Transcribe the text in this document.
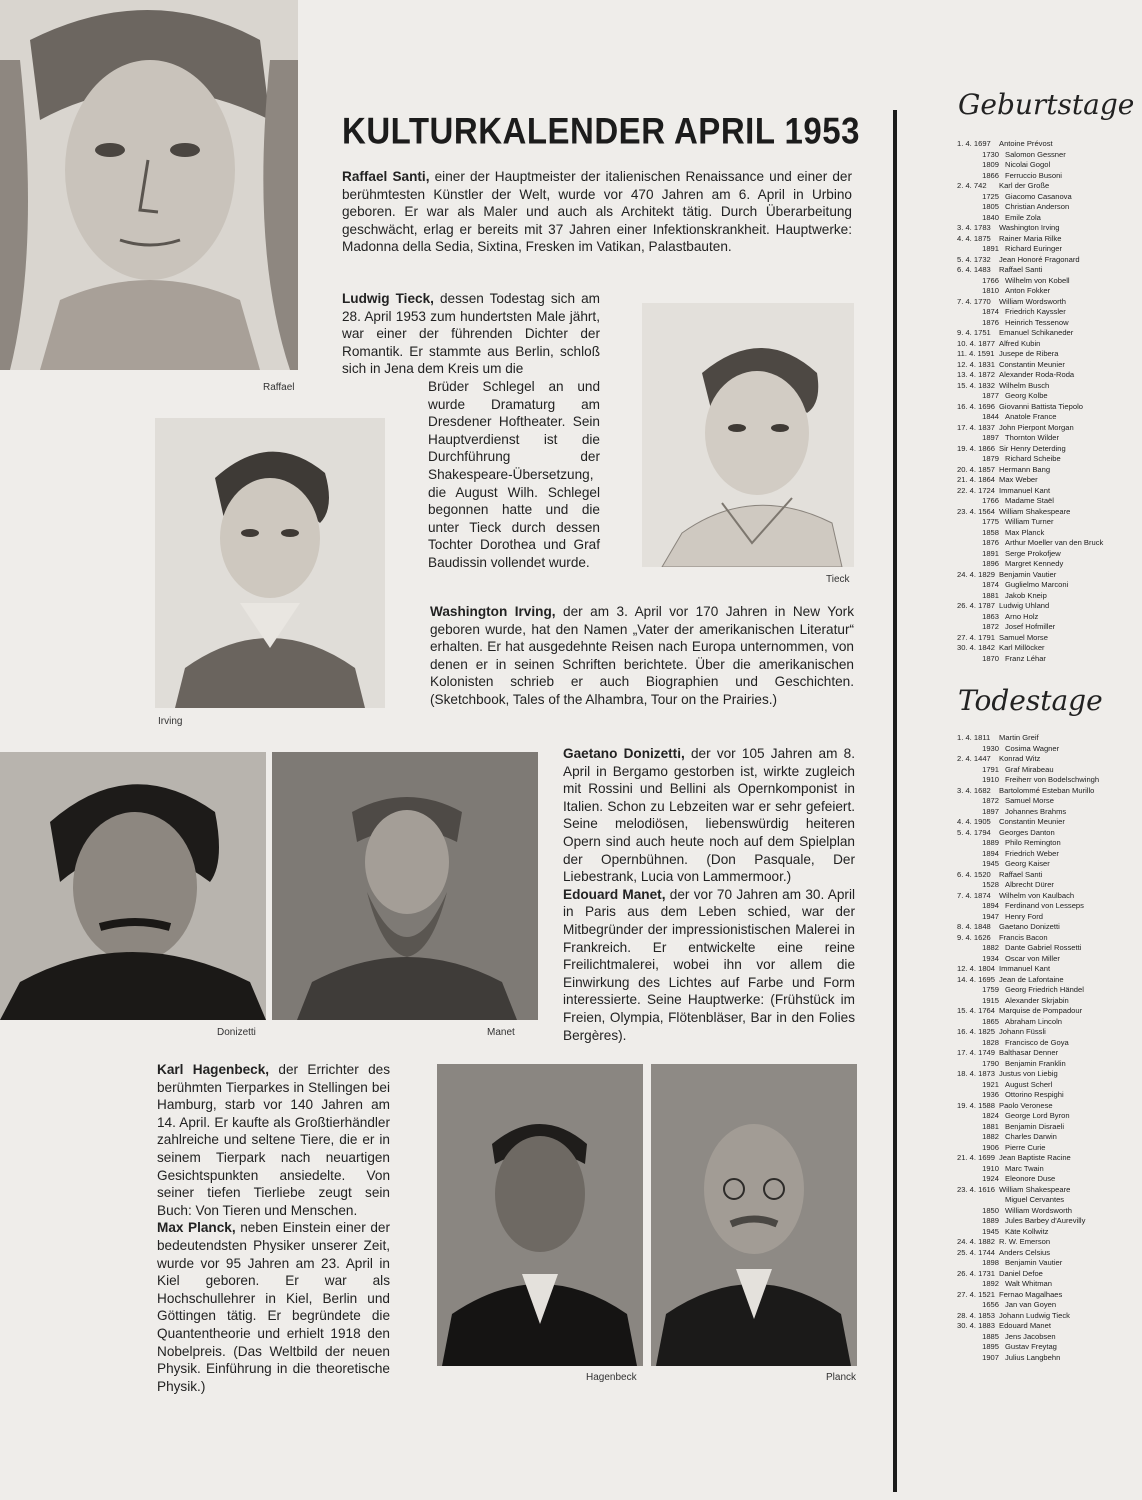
Raffael
KULTURKALENDER APRIL 1953
Raffael Santi, einer der Hauptmeister der italienischen Renaissance und einer der berühmtesten Künstler der Welt, wurde vor 470 Jahren am 6. April in Urbino geboren. Er war als Maler und auch als Architekt tätig. Durch Überarbeitung geschwächt, erlag er bereits mit 37 Jahren einer Infektionskrankheit. Hauptwerke: Madonna della Sedia, Sixtina, Fresken im Vatikan, Palastbauten.
Ludwig Tieck, dessen Todestag sich am 28. April 1953 zum hundertsten Male jährt, war einer der führenden Dichter der Romantik. Er stammte aus Berlin, schloß sich in Jena dem Kreis um die
Brüder Schlegel an und wurde Dramaturg am Dresdener Hoftheater. Sein Hauptverdienst ist die Durchführung der Shakespeare-Übersetzung, die August Wilh. Schlegel begonnen hatte und die unter Tieck durch dessen Tochter Dorothea und Graf Baudissin vollendet wurde.
Tieck
Irving
Washington Irving, der am 3. April vor 170 Jahren in New York geboren wurde, hat den Namen „Vater der amerikanischen Literatur“ erhalten. Er hat ausgedehnte Reisen nach Europa unternommen, von denen er in seinen Schriften berichtete. Über die amerikanischen Kolonisten schrieb er auch Biographien und Geschichten. (Sketchbook, Tales of the Alhambra, Tour on the Prairies.)
Donizetti	Manet
Gaetano Donizetti, der vor 105 Jahren am 8. April in Bergamo gestorben ist, wirkte zugleich mit Rossini und Bellini als Opernkomponist in Italien. Schon zu Lebzeiten war er sehr gefeiert. Seine melodiösen, liebenswürdig heiteren Opern sind auch heute noch auf dem Spielplan der Opernbühnen. (Don Pasquale, Der Liebestrank, Lucia von Lammermoor.)
Edouard Manet, der vor 70 Jahren am 30. April in Paris aus dem Leben schied, war der Mitbegründer der impressionistischen Malerei in Frankreich. Er entwickelte eine reine Freilichtmalerei, wobei ihn vor allem die Einwirkung des Lichtes auf Farbe und Form interessierte. Seine Hauptwerke: (Frühstück im Freien, Olympia, Flötenbläser, Bar in den Folies Bergères).
Karl Hagenbeck, der Errichter des berühmten Tierparkes in Stellingen bei Hamburg, starb vor 140 Jahren am 14. April. Er kaufte als Großtierhändler zahlreiche und seltene Tiere, die er in seinem Tierpark nach neuartigen Gesichtspunkten ansiedelte. Von seiner tiefen Tierliebe zeugt sein Buch: Von Tieren und Menschen.
Max Planck, neben Einstein einer der bedeutendsten Physiker unserer Zeit, wurde vor 95 Jahren am 23. April in Kiel geboren. Er war als Hochschullehrer in Kiel, Berlin und Göttingen tätig. Er begründete die Quantentheorie und erhielt 1918 den Nobelpreis. (Das Weltbild der neuen Physik. Einführung in die theoretische Physik.)
Hagenbeck	Planck
Geburtstage
1. 4. 1697	Antoine Prévost
1730 Salomon Gessner
1809 Nicolai Gogol
1866 Ferruccio Busoni
2. 4. 742	Karl der Große
1725 Giacomo Casanova
1805 Christian Anderson
1840 Emile Zola
3. 4. 1783	Washington Irving
4. 4. 1875	Rainer Maria Rilke
1891 Richard Euringer
5. 4. 1732	Jean Honoré Fragonard
6. 4. 1483	Raffael Santi
1766 Wilhelm von Kobell
1810 Anton Fokker
7. 4. 1770	William Wordsworth
1874 Friedrich Kayssler
1876 Heinrich Tessenow
9. 4. 1751	Emanuel Schikaneder
10. 4. 1877 Alfred Kubin
11. 4. 1591 Jusepe de Ribera
12. 4. 1831 Constantin Meunier
13. 4. 1872 Alexander Roda-Roda
15. 4. 1832 Wilhelm Busch
1877 Georg Kolbe
16. 4. 1696 Giovanni Battista Tiepolo
1844 Anatole France
17. 4. 1837 John Pierpont Morgan
1897 Thornton Wilder
19. 4. 1866 Sir Henry Deterding
1879 Richard Scheibe
20. 4. 1857 Hermann Bang
21. 4. 1864 Max Weber
22. 4. 1724 Immanuel Kant
1766 Madame Staël
23. 4. 1564 William Shakespeare
1775 William Turner
1858 Max Planck
1876 Arthur Moeller van den Bruck
1891 Serge Prokofjew
1896 Margret Kennedy
24. 4. 1829 Benjamin Vautier
1874 Guglielmo Marconi
1881 Jakob Kneip
26. 4. 1787 Ludwig Uhland
1863 Arno Holz
1872 Josef Hofmiller
27. 4. 1791 Samuel Morse
30. 4. 1842 Karl Millöcker
1870 Franz Léhar
Todestage
1. 4. 1811	Martin Greif
1930 Cosima Wagner
2. 4. 1447	Konrad Witz
1791 Graf Mirabeau
1910 Freiherr von Bodelschwingh
3. 4. 1682	Bartolommé Esteban Murillo
1872 Samuel Morse
1897 Johannes Brahms
4. 4. 1905	Constantin Meunier
5. 4. 1794	Georges Danton
1889 Philo Remington
1894 Friedrich Weber
1945 Georg Kaiser
6. 4. 1520	Raffael Santi
1528 Albrecht Dürer
7. 4. 1874	Wilhelm von Kaulbach
1894 Ferdinand von Lesseps
1947 Henry Ford
8. 4. 1848	Gaetano Donizetti
9. 4. 1626	Francis Bacon
1882 Dante Gabriel Rossetti
1934 Oscar von Miller
12. 4. 1804 Immanuel Kant
14. 4. 1695 Jean de Lafontaine
1759 Georg Friedrich Händel
1915 Alexander Skrjabin
15. 4. 1764 Marquise de Pompadour
1865 Abraham Lincoln
16. 4. 1825 Johann Füssli
1828 Francisco de Goya
17. 4. 1749 Balthasar Denner
1790 Benjamin Franklin
18. 4. 1873 Justus von Liebig
1921 August Scherl
1936 Ottorino Respighi
19. 4. 1588 Paolo Veronese
1824 George Lord Byron
1881 Benjamin Disraeli
1882 Charles Darwin
1906 Pierre Curie
21. 4. 1699 Jean Baptiste Racine
1910 Marc Twain
1924 Eleonore Duse
23. 4. 1616 William Shakespeare
Miguel Cervantes
1850 William Wordsworth
1889 Jules Barbey d'Aurevilly
1945 Käte Kollwitz
24. 4. 1882 R. W. Emerson
25. 4. 1744 Anders Celsius
1898 Benjamin Vautier
26. 4. 1731 Daniel Defoe
1892 Walt Whitman
27. 4. 1521 Fernao Magalhaes
1656 Jan van Goyen
28. 4. 1853 Johann Ludwig Tieck
30. 4. 1883 Edouard Manet
1885 Jens Jacobsen
1895 Gustav Freytag
1907 Julius Langbehn
